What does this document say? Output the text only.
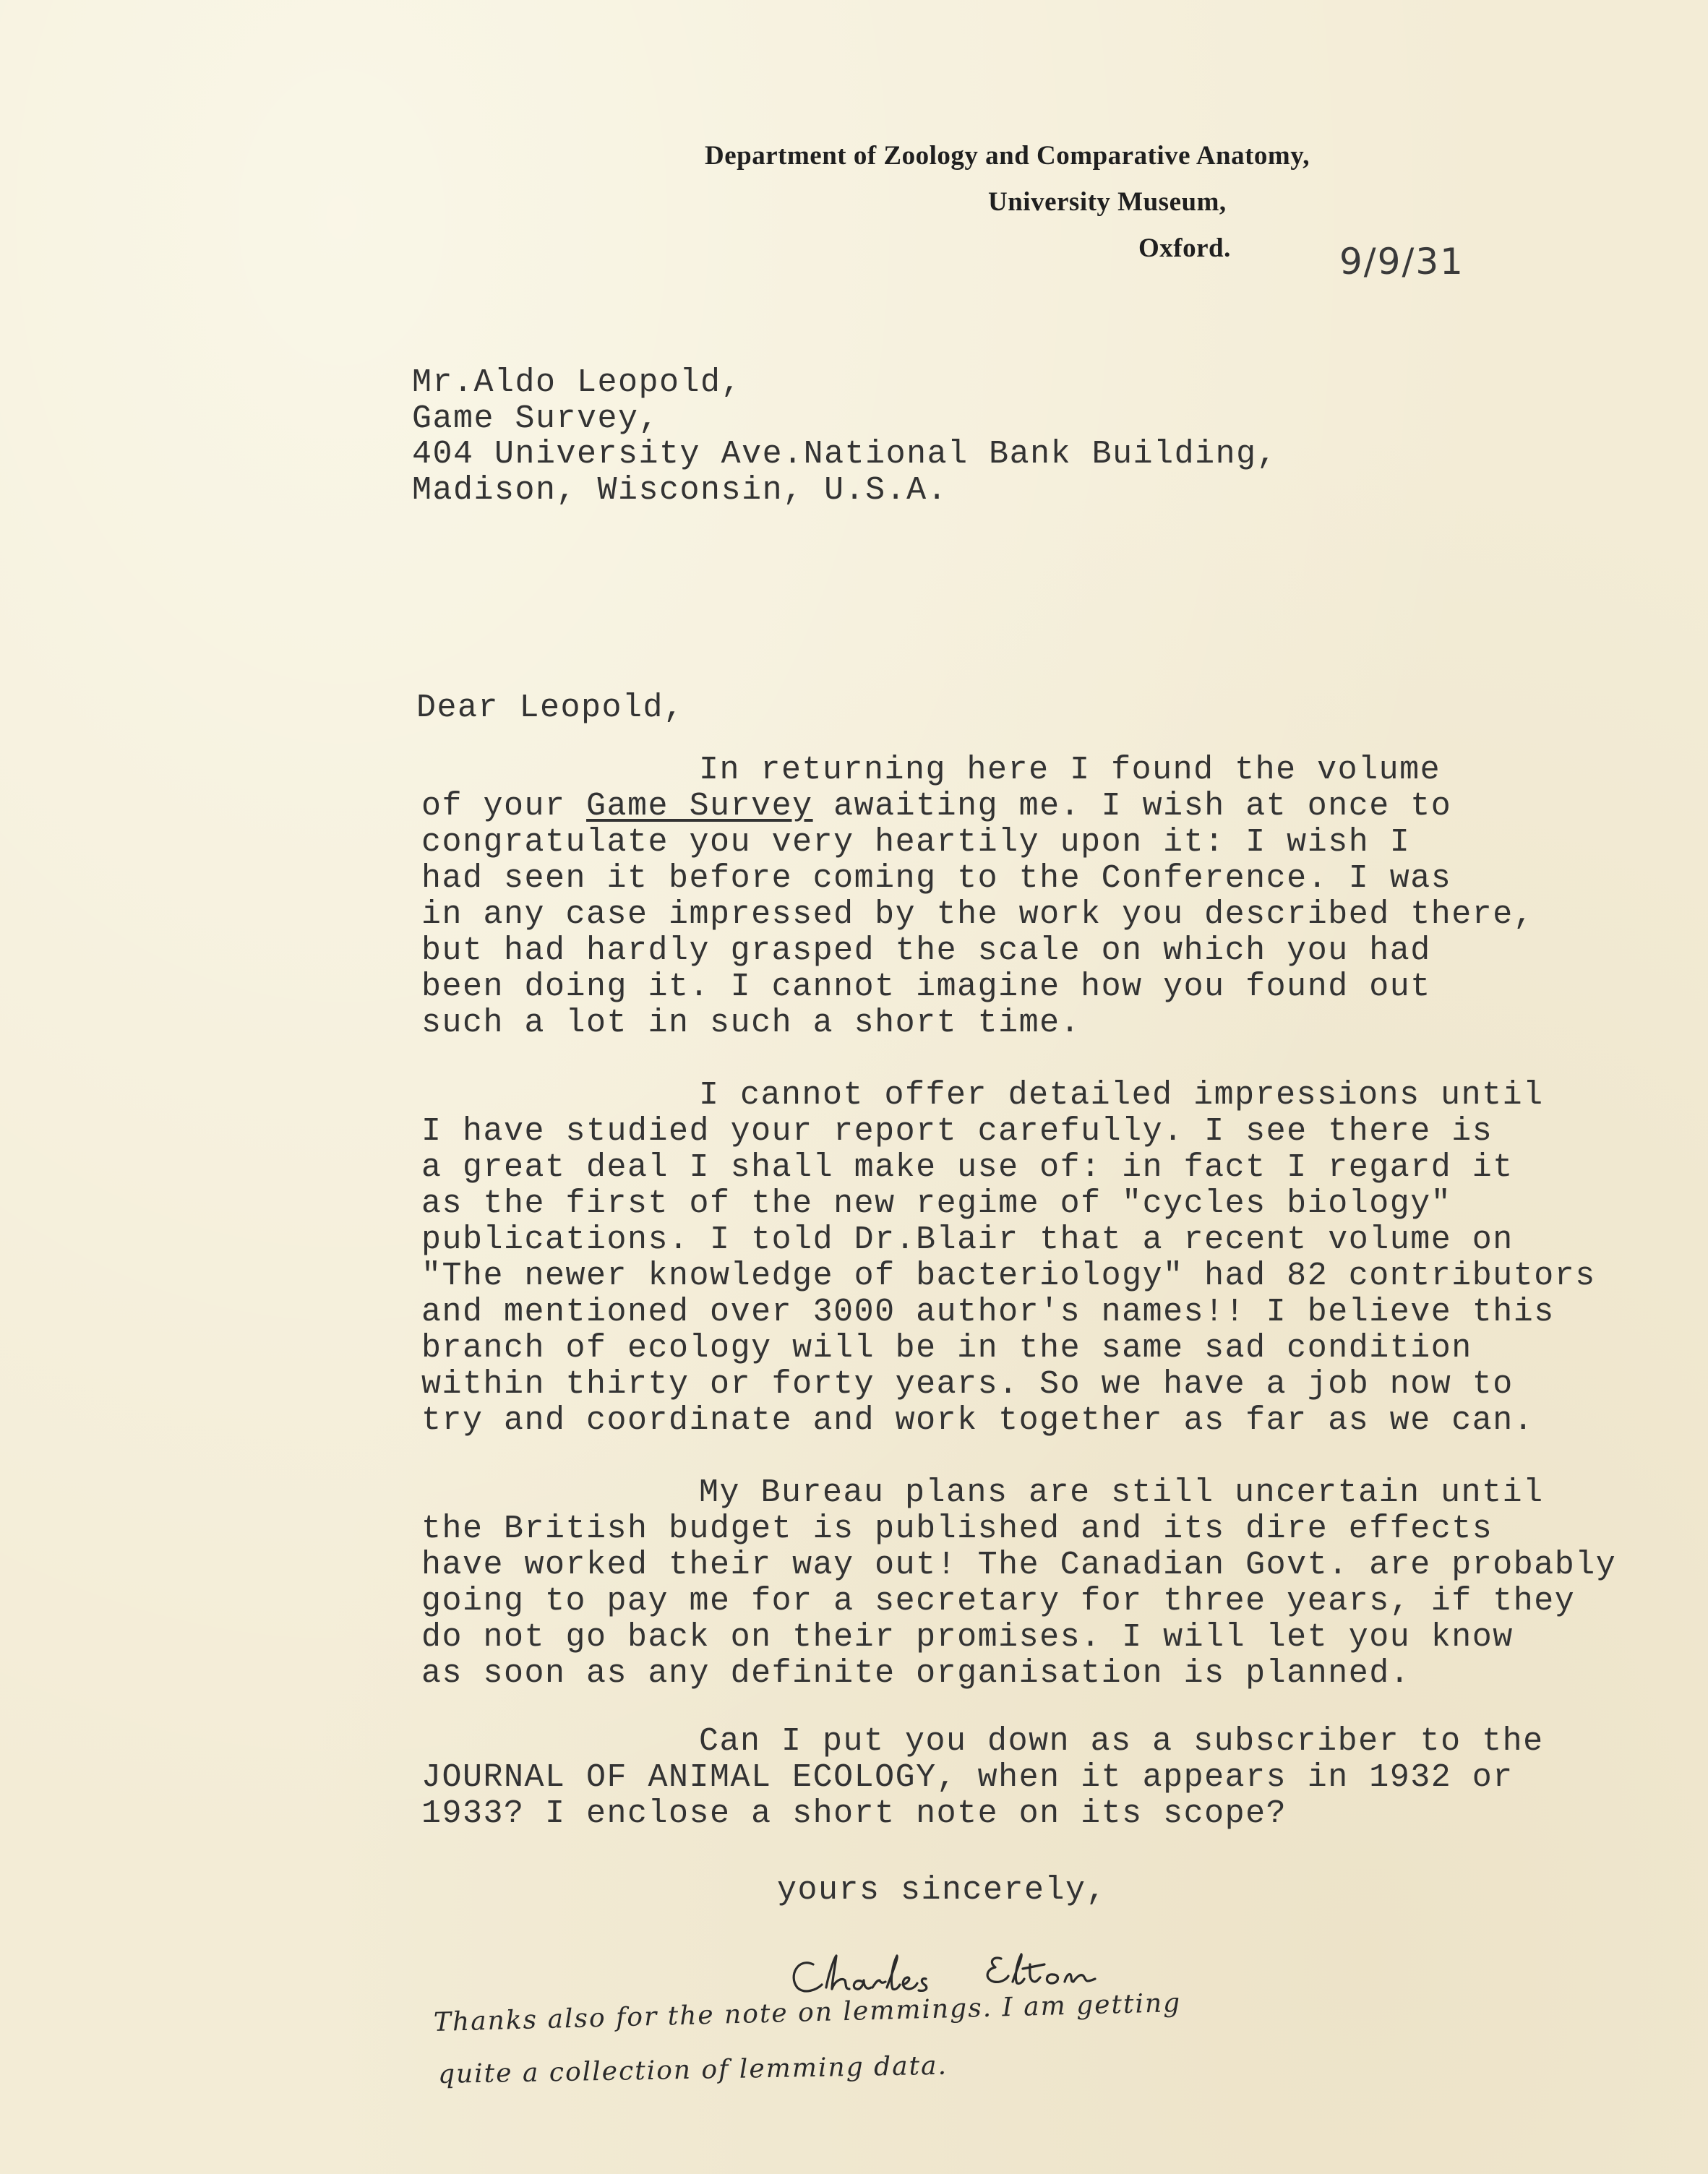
Department of Zoology and Comparative Anatomy,
University Museum,
Oxford.	9/9/31
Mr.Aldo Leopold,
Game Survey,
404 University Ave.National Bank Building,
Madison, Wisconsin, U.S.A.
Dear Leopold,
In returning here I found the volume
of your Game Survey awaiting me. I wish at once to
congratulate you very heartily upon it: I wish I
had seen it before coming to the Conference. I was
in any case impressed by the work you described there,
but had hardly grasped the scale on which you had
been doing it. I cannot imagine how you found out
such a lot in such a short time.
I cannot offer detailed impressions until
I have studied your report carefully. I see there is
a great deal I shall make use of: in fact I regard it
as the first of the new regime of "cycles biology"
publications. I told Dr.Blair that a recent volume on
"The newer knowledge of bacteriology" had 82 contributors
and mentioned over 3000 author's names!! I believe this
branch of ecology will be in the same sad condition
within thirty or forty years. So we have a job now to
try and coordinate and work together as far as we can.
My Bureau plans are still uncertain until
the British budget is published and its dire effects
have worked their way out! The Canadian Govt. are probably
going to pay me for a secretary for three years, if they
do not go back on their promises. I will let you know
as soon as any definite organisation is planned.
Can I put you down as a subscriber to the
JOURNAL OF ANIMAL ECOLOGY, when it appears in 1932 or
1933? I enclose a short note on its scope?
yours sincerely,
Thanks also for the note on lemmings. I am getting
quite a collection of lemming data.
